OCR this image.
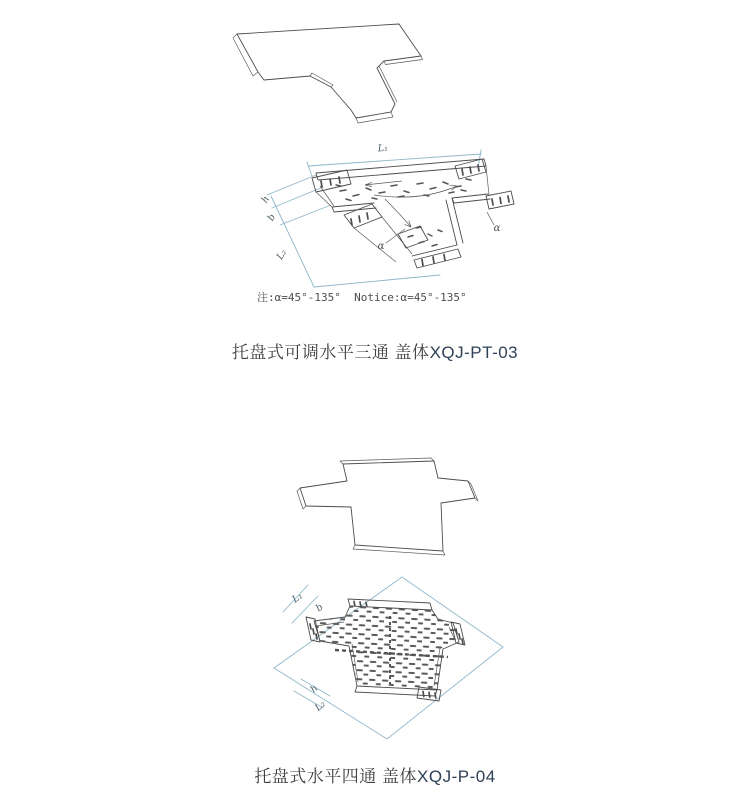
L₁
h
b
L₂
α
α
注:α=45°-135°  Notice:α=45°-135°
托盘式可调水平三通 盖体XQJ-PT-03
L₁
b
h
L₂
托盘式水平四通 盖体XQJ-P-04
